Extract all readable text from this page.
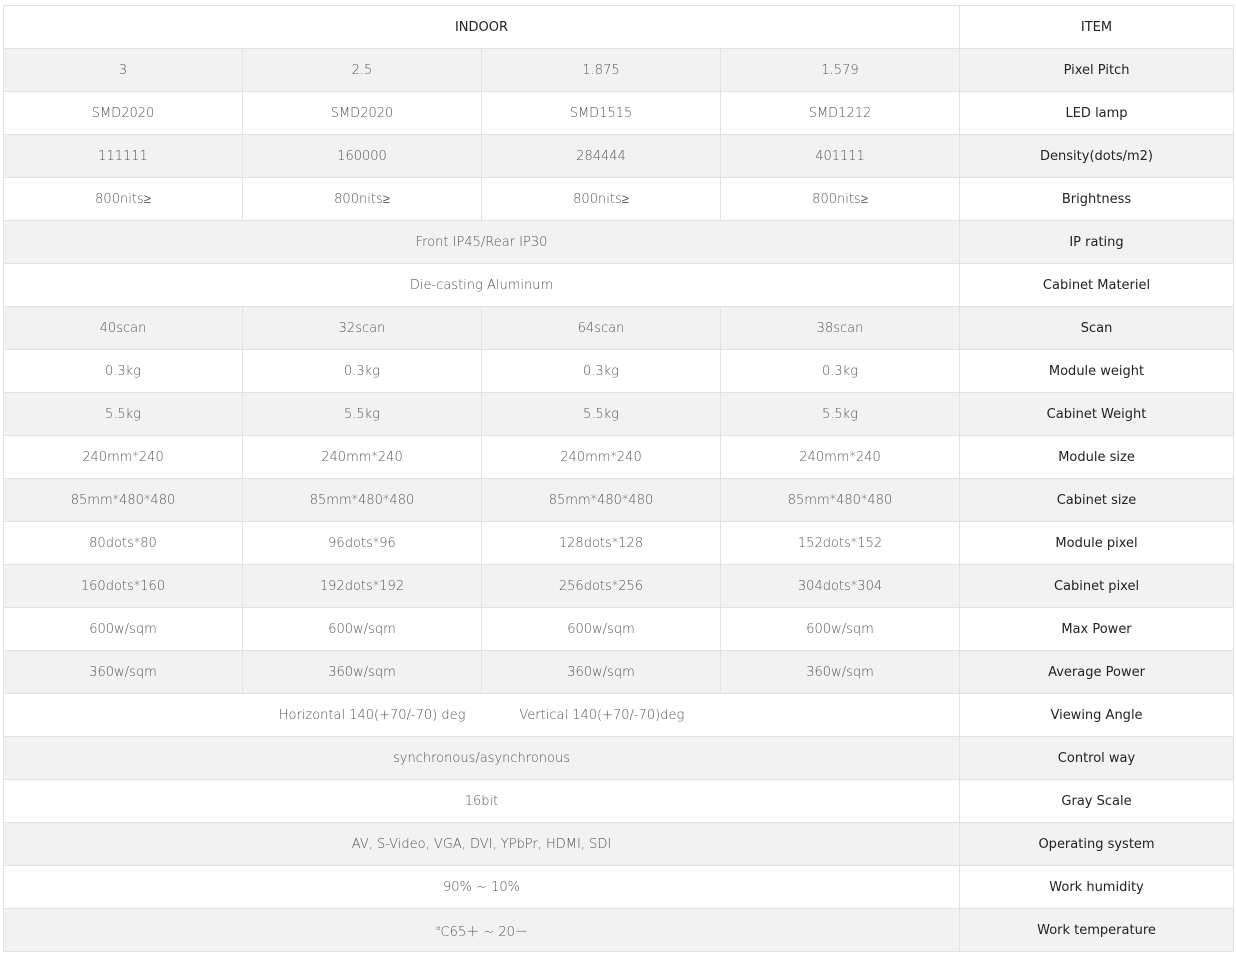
INDOOR				ITEM
3	2.5	1.875	1.579	Pixel Pitch
SMD2020	SMD2020	SMD1515	SMD1212	LED lamp
111111	160000	284444	401111	Density(dots/m2)
800nits≥	800nits≥	800nits≥	800nits≥	Brightness
Front IP45/Rear IP30				IP rating
Die-casting Aluminum				Cabinet Materiel
40scan	32scan	64scan	38scan	Scan
0.3kg	0.3kg	0.3kg	0.3kg	Module weight
5.5kg	5.5kg	5.5kg	5.5kg	Cabinet Weight
240mm*240	240mm*240	240mm*240	240mm*240	Module size
85mm*480*480	85mm*480*480	85mm*480*480	85mm*480*480	Cabinet size
80dots*80	96dots*96	128dots*128	152dots*152	Module pixel
160dots*160	192dots*192	256dots*256	304dots*304	Cabinet pixel
600w/sqm	600w/sqm	600w/sqm	600w/sqm	Max Power
360w/sqm	360w/sqm	360w/sqm	360w/sqm	Average Power
Horizontal 140(+70/-70) deg Vertical 140(+70/-70)deg				Viewing Angle
synchronous/asynchronous				Control way
16bit				Gray Scale
AV, S-Video, VGA, DVI, YPbPr, HDMI, SDI				Operating system
90% ~ 10%				Work humidity
℃65＋ ~ 20－				Work temperature
